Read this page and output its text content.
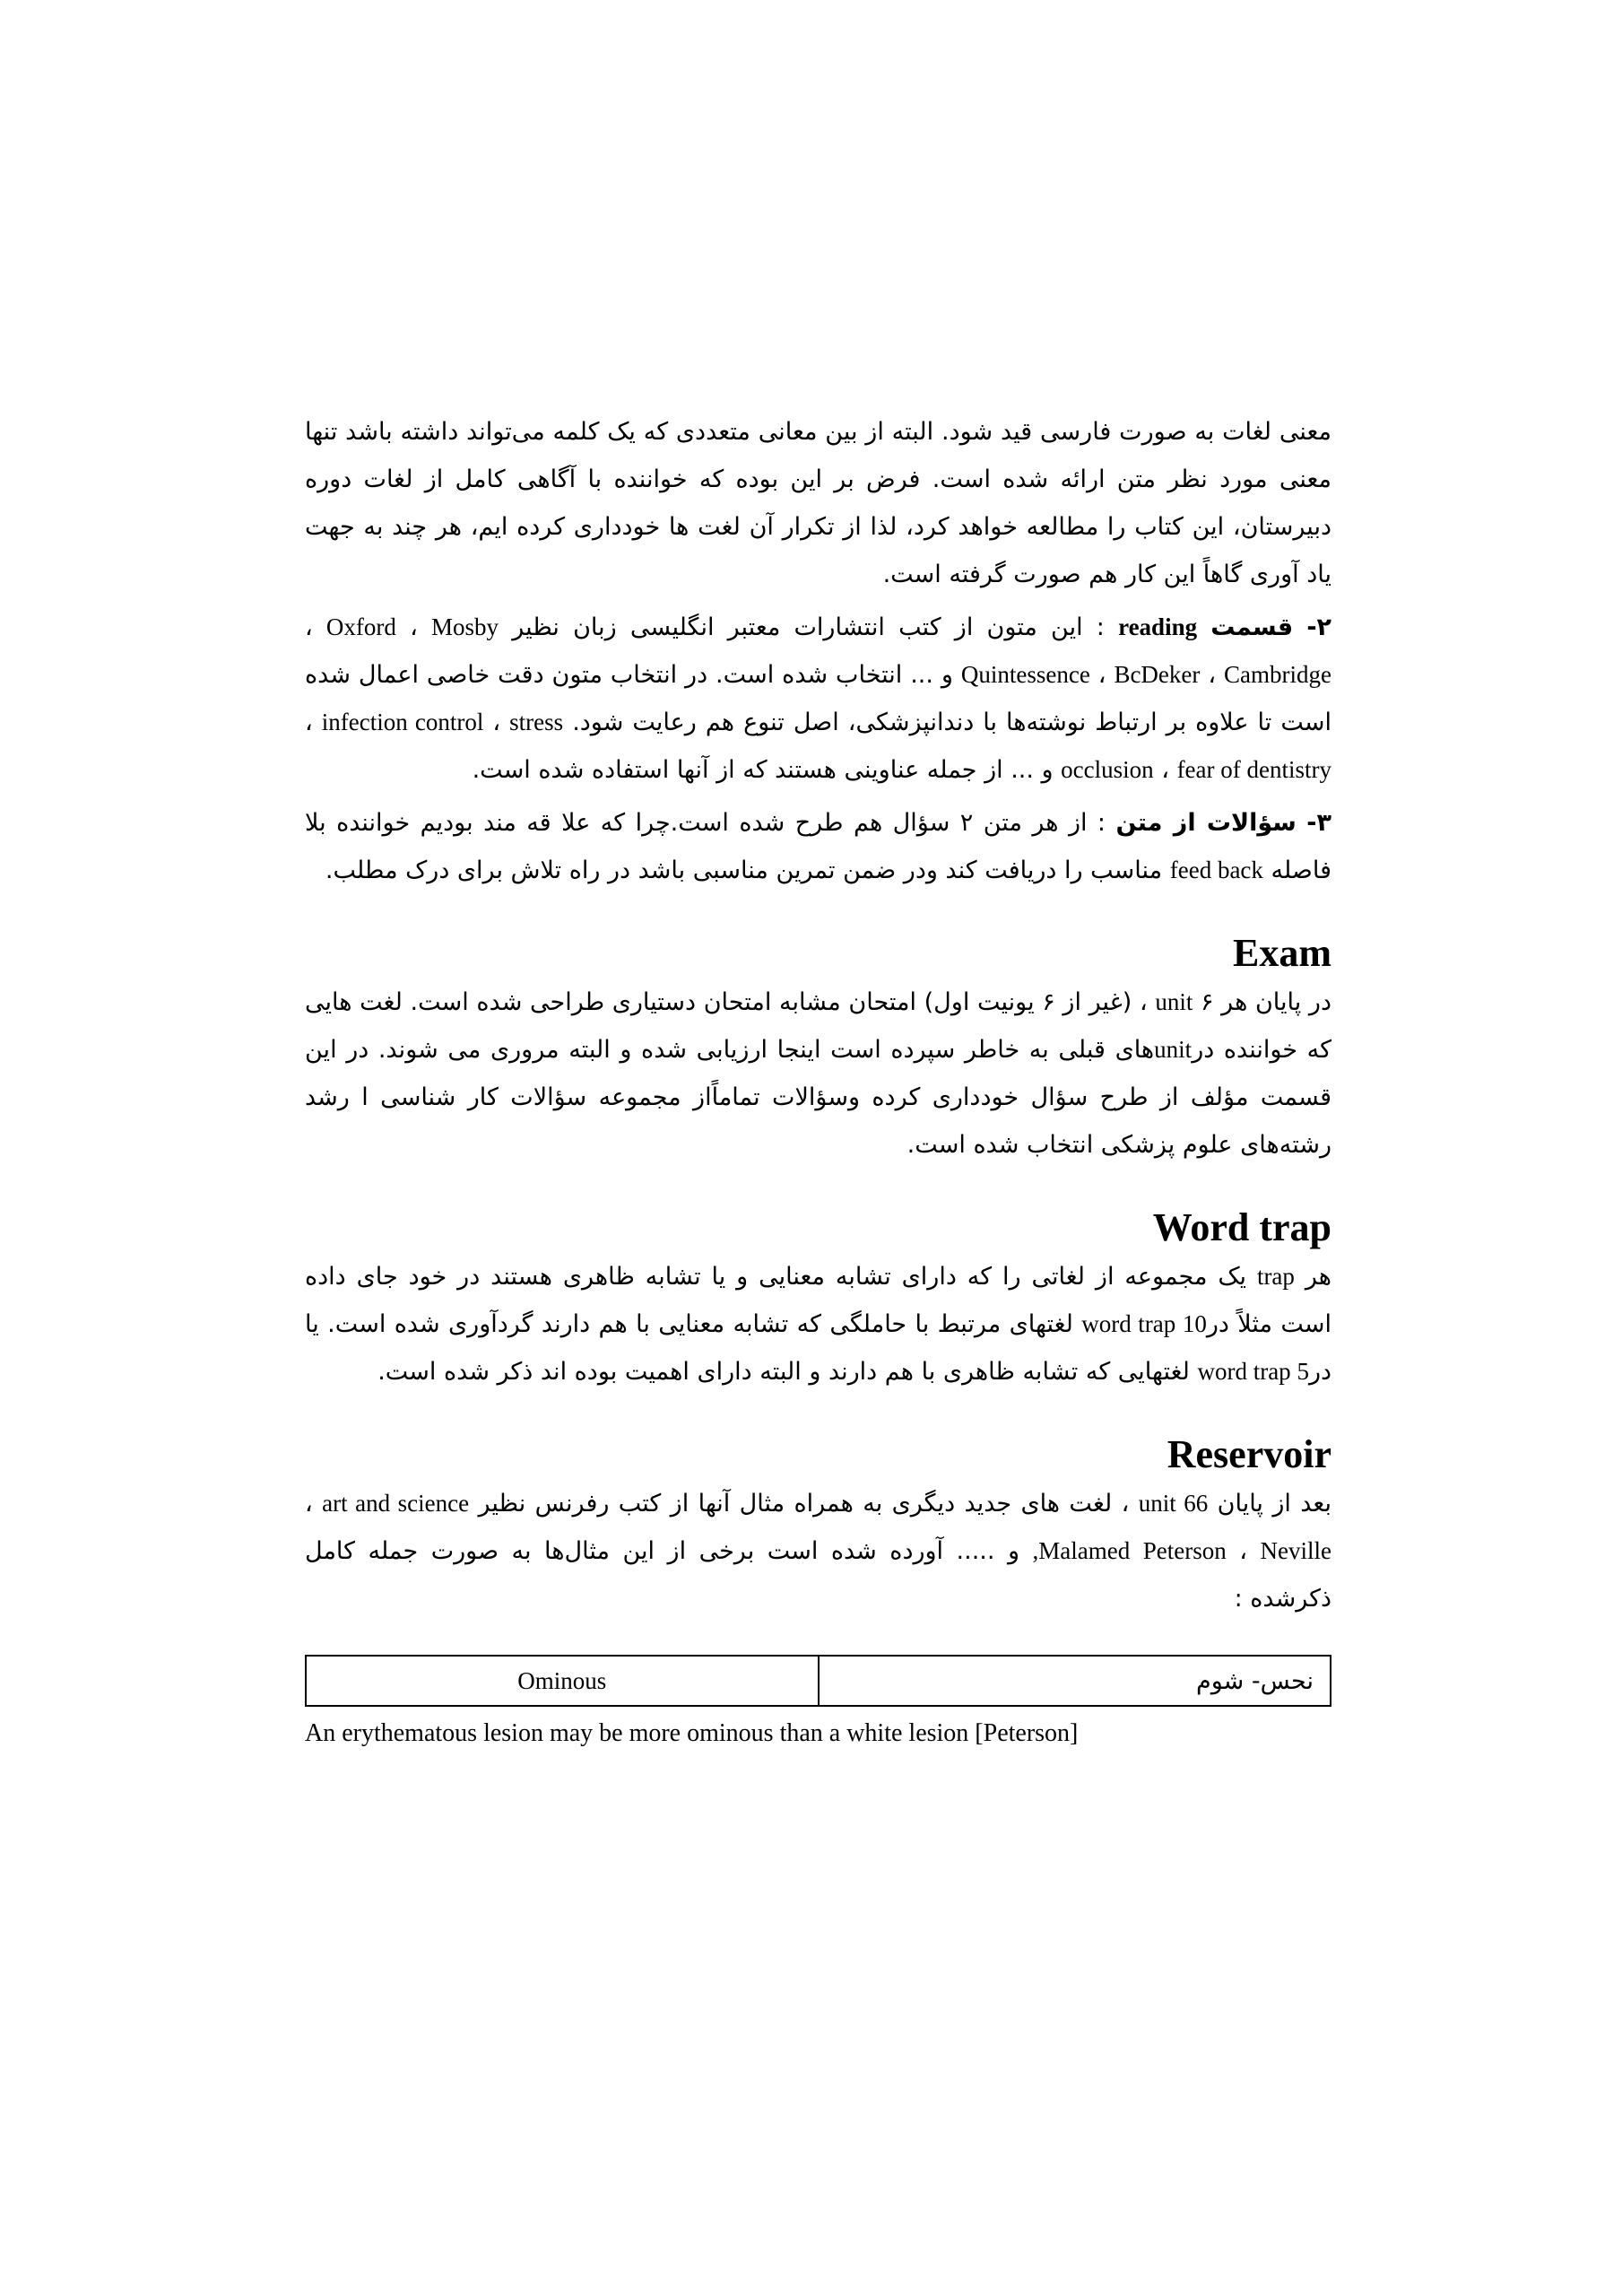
معنی لغات به صورت فارسی قید شود. البته از بین معانی متعددی که یک کلمه می‌تواند داشته باشد تنها معنی مورد نظر متن ارائه شده است. فرض بر این بوده که خواننده با آگاهی کامل از لغات دوره دبیرستان، این کتاب را مطالعه خواهد کرد، لذا از تکرار آن لغت ها خودداری کرده ایم، هر چند به جهت یاد آوری گاهاً این کار هم صورت گرفته است.

۲- قسمت reading : این متون از کتب انتشارات معتبر انگلیسی زبان نظیر Mosby ، Oxford ، Cambridge ، BcDeker ، Quintessence و ... انتخاب شده است. در انتخاب متون دقت خاصی اعمال شده است تا علاوه بر ارتباط نوشته‌ها با دندانپزشکی، اصل تنوع هم رعایت شود. stress ، infection control ، fear of dentistry ، occlusion و ... از جمله عناوینی هستند که از آنها استفاده شده است.

۳- سؤالات از متن : از هر متن ۲ سؤال هم طرح شده است.چرا که علا قه مند بودیم خواننده بلا فاصله feed back مناسب را دریافت کند ودر ضمن تمرین مناسبی باشد در راه تلاش برای درک مطلب.

Exam

در پایان هر ۶ unit ، (غیر از ۶ یونیت اول) امتحان مشابه امتحان دستیاری طراحی شده است. لغت هایی که خواننده درunitهای قبلی به خاطر سپرده است اینجا ارزیابی شده و البته مروری می شوند. در این قسمت مؤلف از طرح سؤال خودداری کرده وسؤالات تماماًاز مجموعه سؤالات کار شناسی ا رشد رشته‌های علوم پزشکی انتخاب شده است.

Word trap

هر trap یک مجموعه از لغاتی را که دارای تشابه معنایی و یا تشابه ظاهری هستند در خود جای داده است مثلاً در10 word trap لغتهای مرتبط با حاملگی که تشابه معنایی با هم دارند گردآوری شده است. یا در5 word trap لغتهایی که تشابه ظاهری با هم دارند و البته دارای اهمیت بوده اند ذکر شده است.

Reservoir

بعد از پایان unit 66 ، لغت های جدید دیگری به همراه مثال آنها از کتب رفرنس نظیر art and science ، Neville ، Peterson Malamed, و ..... آورده شده است برخی از این مثال‌ها به صورت جمله کامل ذکرشده :

نحس- شوم	Ominous
An erythematous lesion may be more ominous than a white lesion [Peterson]
